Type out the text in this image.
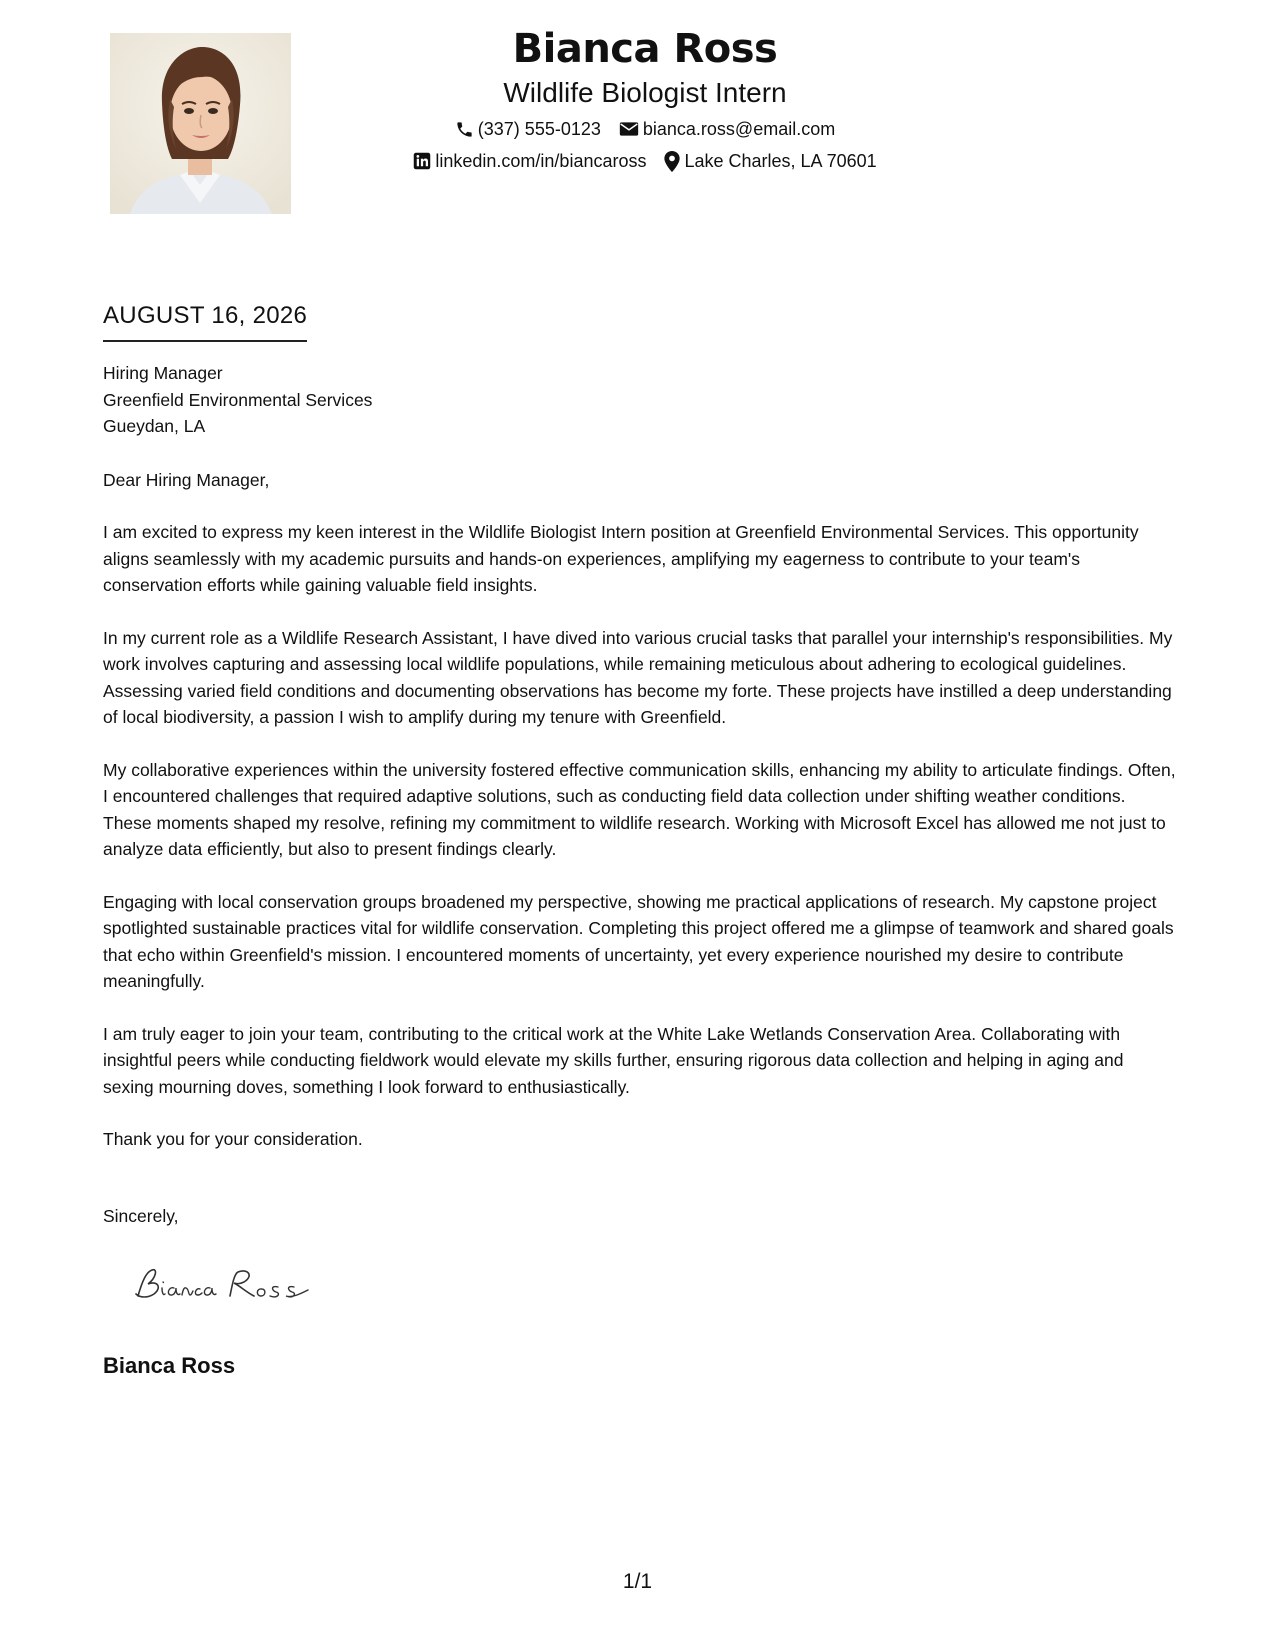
Bianca Ross
Wildlife Biologist Intern
(337) 555-0123 bianca.ross@email.com
linkedin.com/in/biancaross Lake Charles, LA 70601
AUGUST 16, 2026

Hiring Manager
Greenfield Environmental Services
Gueydan, LA

Dear Hiring Manager,

I am excited to express my keen interest in the Wildlife Biologist Intern position at Greenfield Environmental Services. This opportunity aligns seamlessly with my academic pursuits and hands-on experiences, amplifying my eagerness to contribute to your team's conservation efforts while gaining valuable field insights.

In my current role as a Wildlife Research Assistant, I have dived into various crucial tasks that parallel your internship's responsibilities. My work involves capturing and assessing local wildlife populations, while remaining meticulous about adhering to ecological guidelines. Assessing varied field conditions and documenting observations has become my forte. These projects have instilled a deep understanding of local biodiversity, a passion I wish to amplify during my tenure with Greenfield.

My collaborative experiences within the university fostered effective communication skills, enhancing my ability to articulate findings. Often, I encountered challenges that required adaptive solutions, such as conducting field data collection under shifting weather conditions. These moments shaped my resolve, refining my commitment to wildlife research. Working with Microsoft Excel has allowed me not just to analyze data efficiently, but also to present findings clearly.

Engaging with local conservation groups broadened my perspective, showing me practical applications of research. My capstone project spotlighted sustainable practices vital for wildlife conservation. Completing this project offered me a glimpse of teamwork and shared goals that echo within Greenfield's mission. I encountered moments of uncertainty, yet every experience nourished my desire to contribute meaningfully.

I am truly eager to join your team, contributing to the critical work at the White Lake Wetlands Conservation Area. Collaborating with insightful peers while conducting fieldwork would elevate my skills further, ensuring rigorous data collection and helping in aging and sexing mourning doves, something I look forward to enthusiastically.

Thank you for your consideration.

Sincerely,

Bianca Ross
1/1
